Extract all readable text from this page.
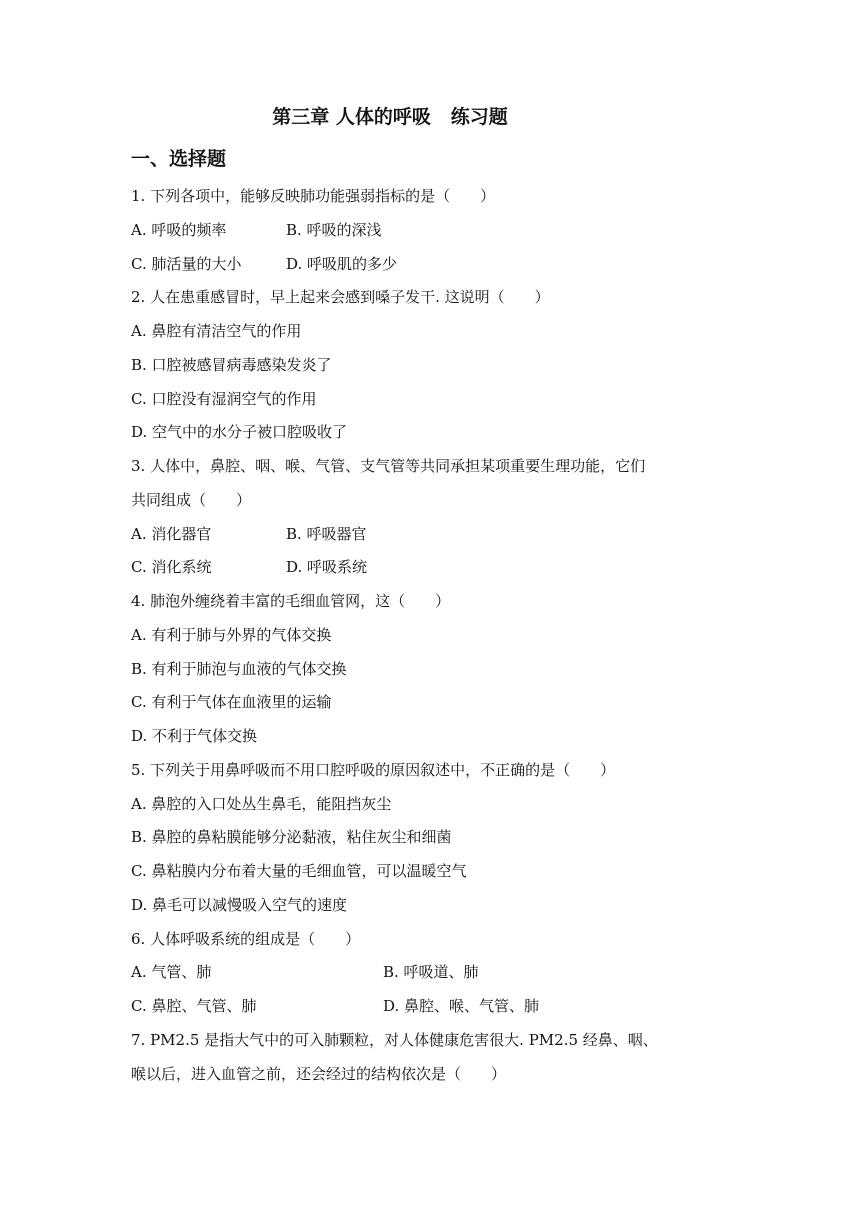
第三章 人体的呼吸   练习题
一、选择题
1. 下列各项中，能够反映肺功能强弱指标的是（　　）
A. 呼吸的频率	B. 呼吸的深浅
C. 肺活量的大小	D. 呼吸肌的多少
2. 人在患重感冒时，早上起来会感到嗓子发干. 这说明（　　）
A. 鼻腔有清洁空气的作用
B. 口腔被感冒病毒感染发炎了
C. 口腔没有湿润空气的作用
D. 空气中的水分子被口腔吸收了
3. 人体中，鼻腔、咽、喉、气管、支气管等共同承担某项重要生理功能，它们
共同组成（　　）
A. 消化器官	B. 呼吸器官
C. 消化系统	D. 呼吸系统
4. 肺泡外缠绕着丰富的毛细血管网，这（　　）
A. 有利于肺与外界的气体交换
B. 有利于肺泡与血液的气体交换
C. 有利于气体在血液里的运输
D. 不利于气体交换
5. 下列关于用鼻呼吸而不用口腔呼吸的原因叙述中，不正确的是（　　）
A. 鼻腔的入口处丛生鼻毛，能阻挡灰尘
B. 鼻腔的鼻粘膜能够分泌黏液，粘住灰尘和细菌
C. 鼻粘膜内分布着大量的毛细血管，可以温暖空气
D. 鼻毛可以减慢吸入空气的速度
6. 人体呼吸系统的组成是（　　）
A. 气管、肺	B. 呼吸道、肺
C. 鼻腔、气管、肺	D. 鼻腔、喉、气管、肺
7. PM2.5 是指大气中的可入肺颗粒，对人体健康危害很大. PM2.5 经鼻、咽、
喉以后，进入血管之前，还会经过的结构依次是（　　）
